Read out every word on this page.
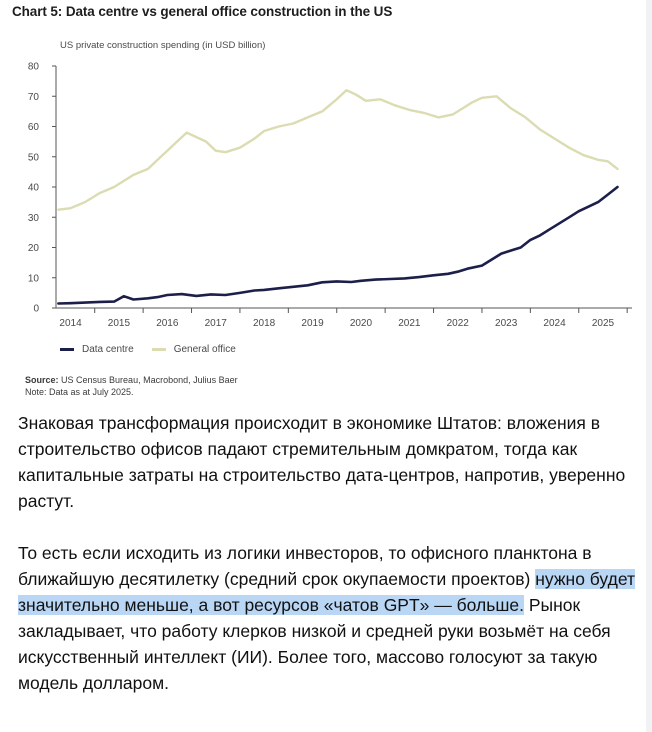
Chart 5: Data centre vs general office construction in the US
US private construction spending (in USD billion)
0
10
20
30
40
50
60
70
80
2014	2015	2016	2017	2018	2019	2020	2021	2022	2023	2024	2025
Data centre	General office
Source: US Census Bureau, Macrobond, Julius Baer
Note: Data as at July 2025.

Знаковая трансформация происходит в экономике Штатов: вложения в строительство офисов падают стремительным домкратом, тогда как капитальные затраты на строительство дата-центров, напротив, уверенно растут.

То есть если исходить из логики инвесторов, то офисного планктона в ближайшую десятилетку (средний срок окупаемости проектов) нужно будет значительно меньше, а вот ресурсов «чатов GPT» — больше. Рынок закладывает, что работу клерков низкой и средней руки возьмёт на себя искусственный интеллект (ИИ). Более того, массово голосуют за такую модель долларом.
